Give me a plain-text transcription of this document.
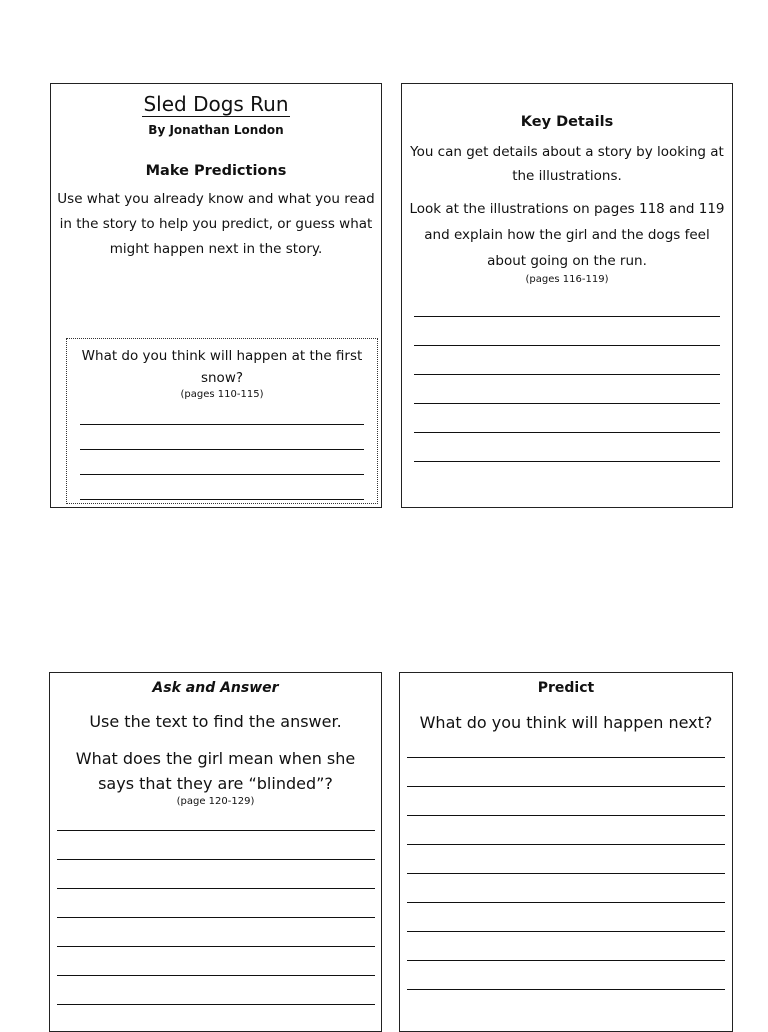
Sled Dogs Run
By Jonathan London
Make Predictions
Use what you already know and what you read in the story to help you predict, or guess what might happen next in the story.
What do you think will happen at the first snow?
(pages 110-115)
Key Details
You can get details about a story by looking at the illustrations.
Look at the illustrations on pages 118 and 119 and explain how the girl and the dogs feel about going on the run.
(pages 116-119)
Ask and Answer
Use the text to find the answer.
What does the girl mean when she says that they are “blinded”?
(page 120-129)
Predict
What do you think will happen next?
